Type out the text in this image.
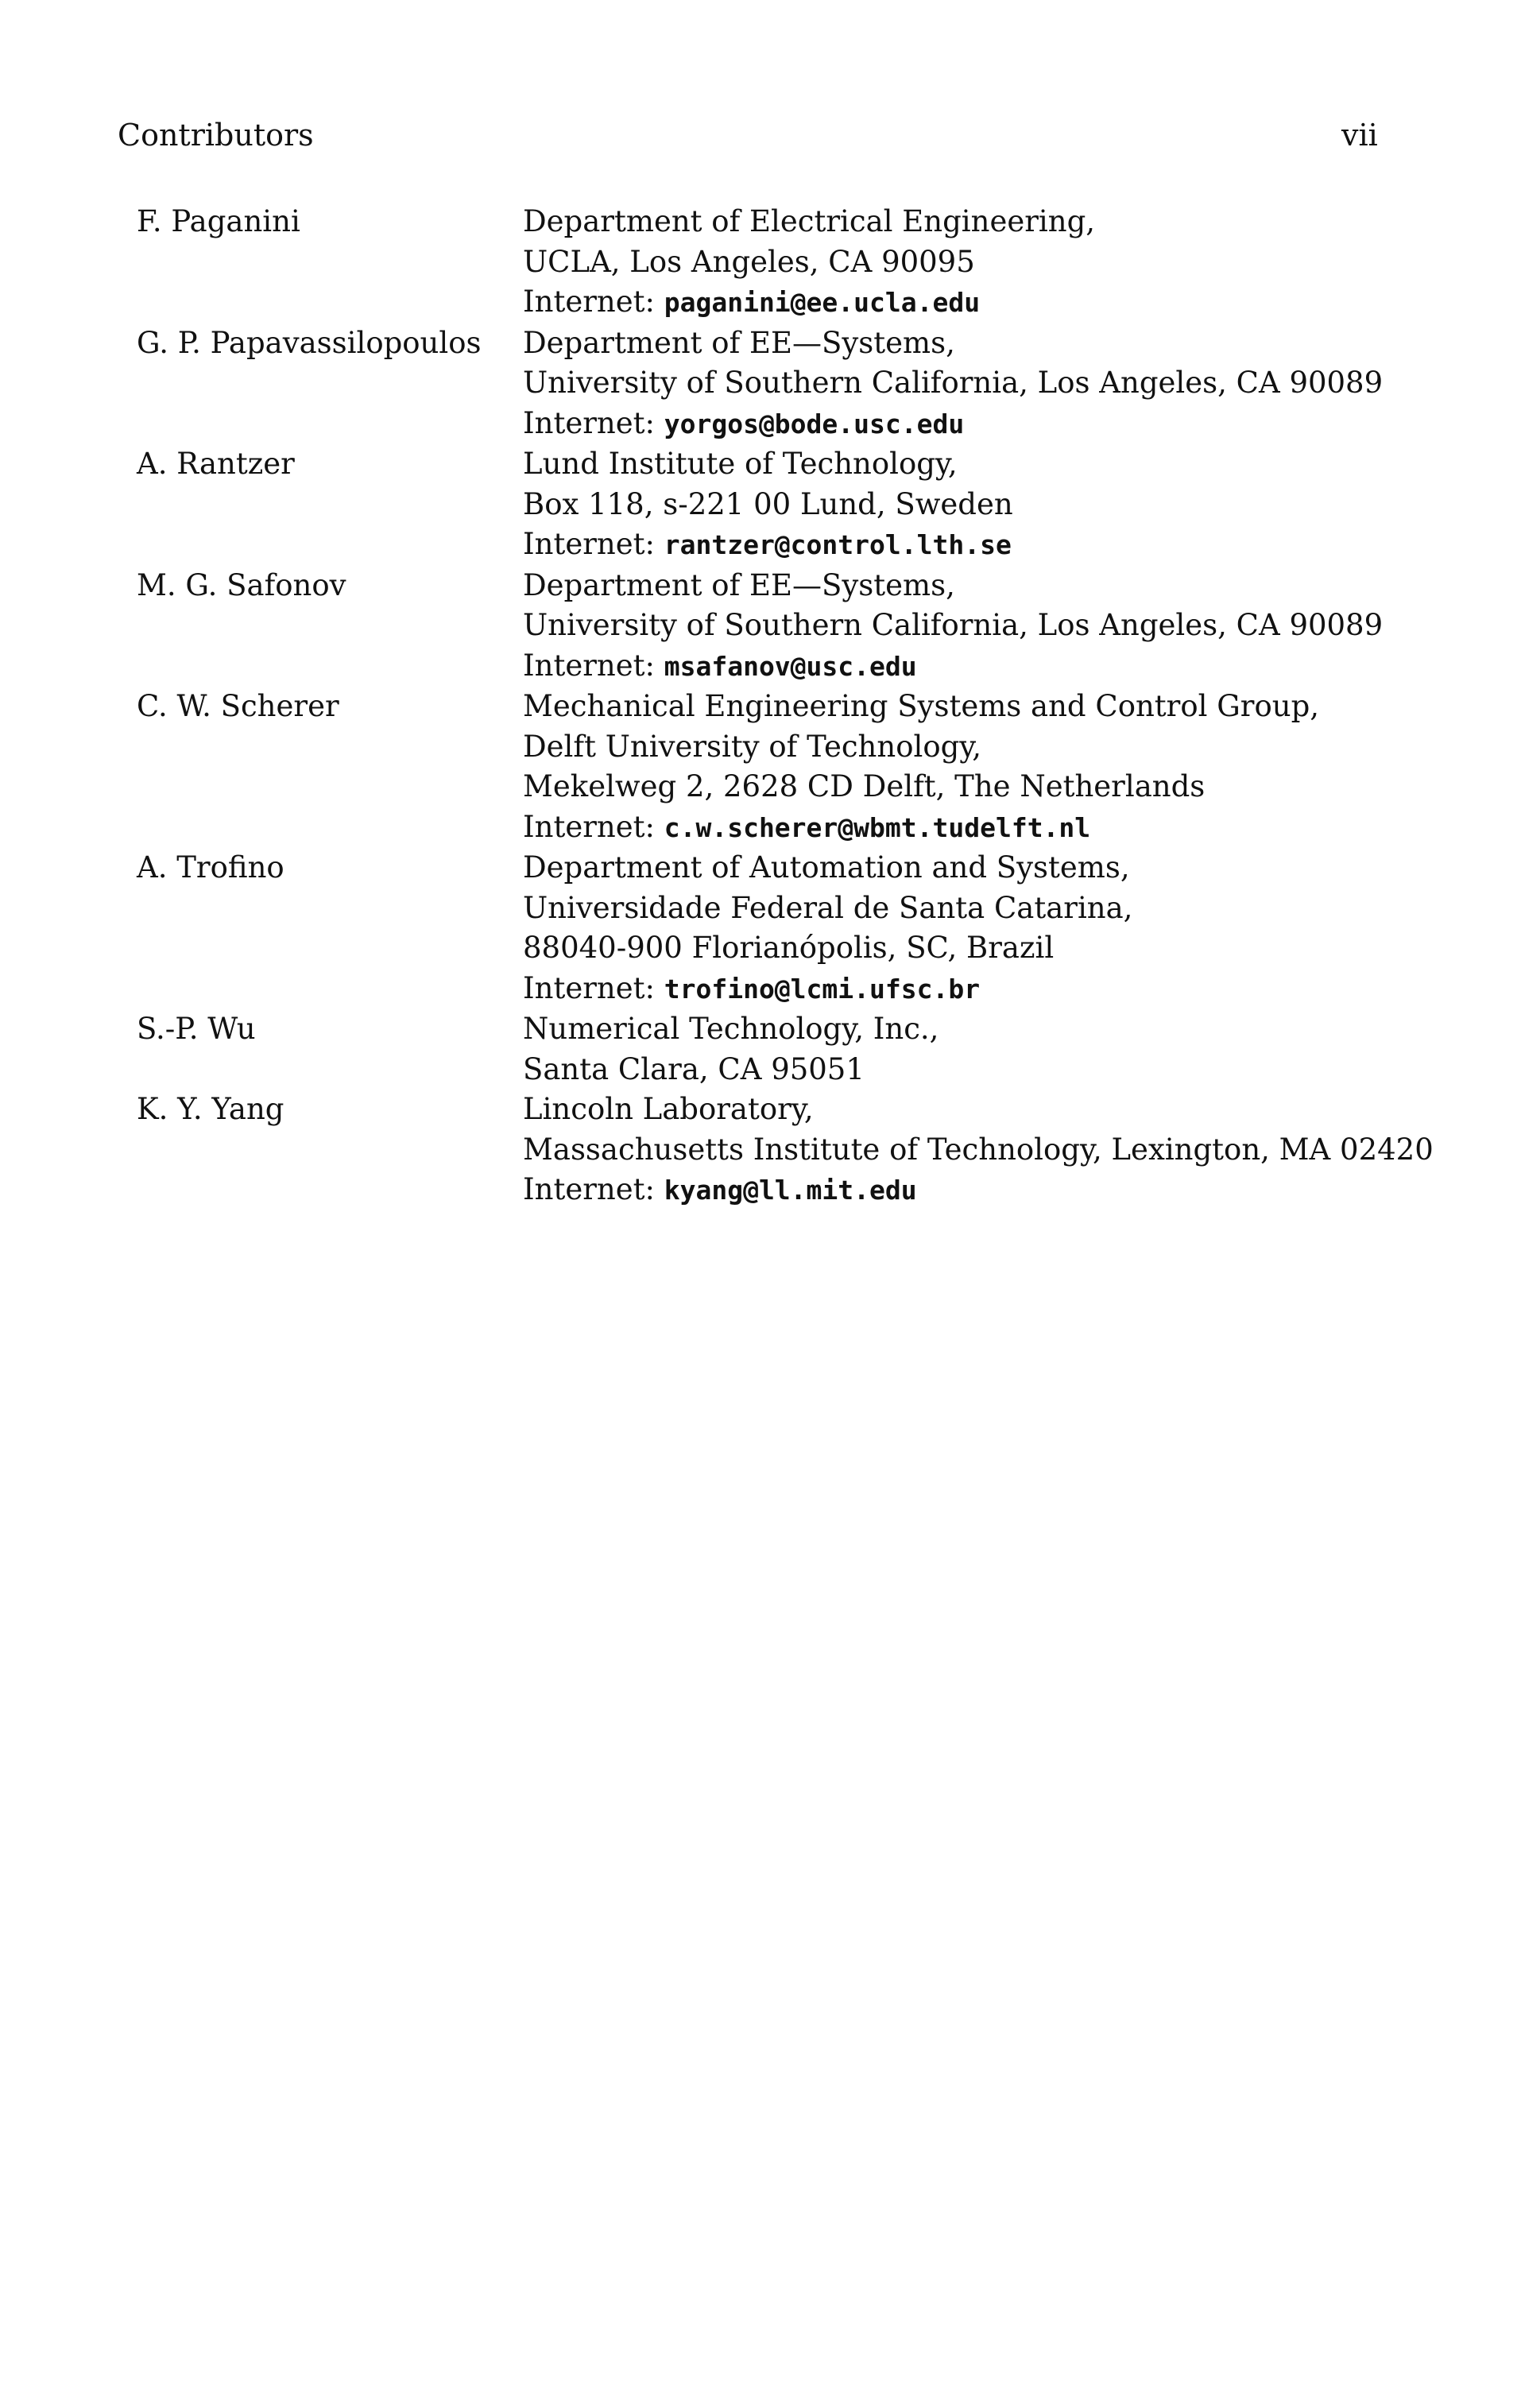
Contributors	vii
F. Paganini	Department of Electrical Engineering,
UCLA, Los Angeles, CA 90095
Internet: paganini@ee.ucla.edu
G. P. Papavassilopoulos	Department of EE—Systems,
University of Southern California, Los Angeles, CA 90089
Internet: yorgos@bode.usc.edu
A. Rantzer	Lund Institute of Technology,
Box 118, s-221 00 Lund, Sweden
Internet: rantzer@control.lth.se
M. G. Safonov	Department of EE—Systems,
University of Southern California, Los Angeles, CA 90089
Internet: msafanov@usc.edu
C. W. Scherer	Mechanical Engineering Systems and Control Group,
Delft University of Technology,
Mekelweg 2, 2628 CD Delft, The Netherlands
Internet: c.w.scherer@wbmt.tudelft.nl
A. Trofino	Department of Automation and Systems,
Universidade Federal de Santa Catarina,
88040-900 Florianópolis, SC, Brazil
Internet: trofino@lcmi.ufsc.br
S.-P. Wu	Numerical Technology, Inc.,
Santa Clara, CA 95051
K. Y. Yang	Lincoln Laboratory,
Massachusetts Institute of Technology, Lexington, MA 02420
Internet: kyang@ll.mit.edu
